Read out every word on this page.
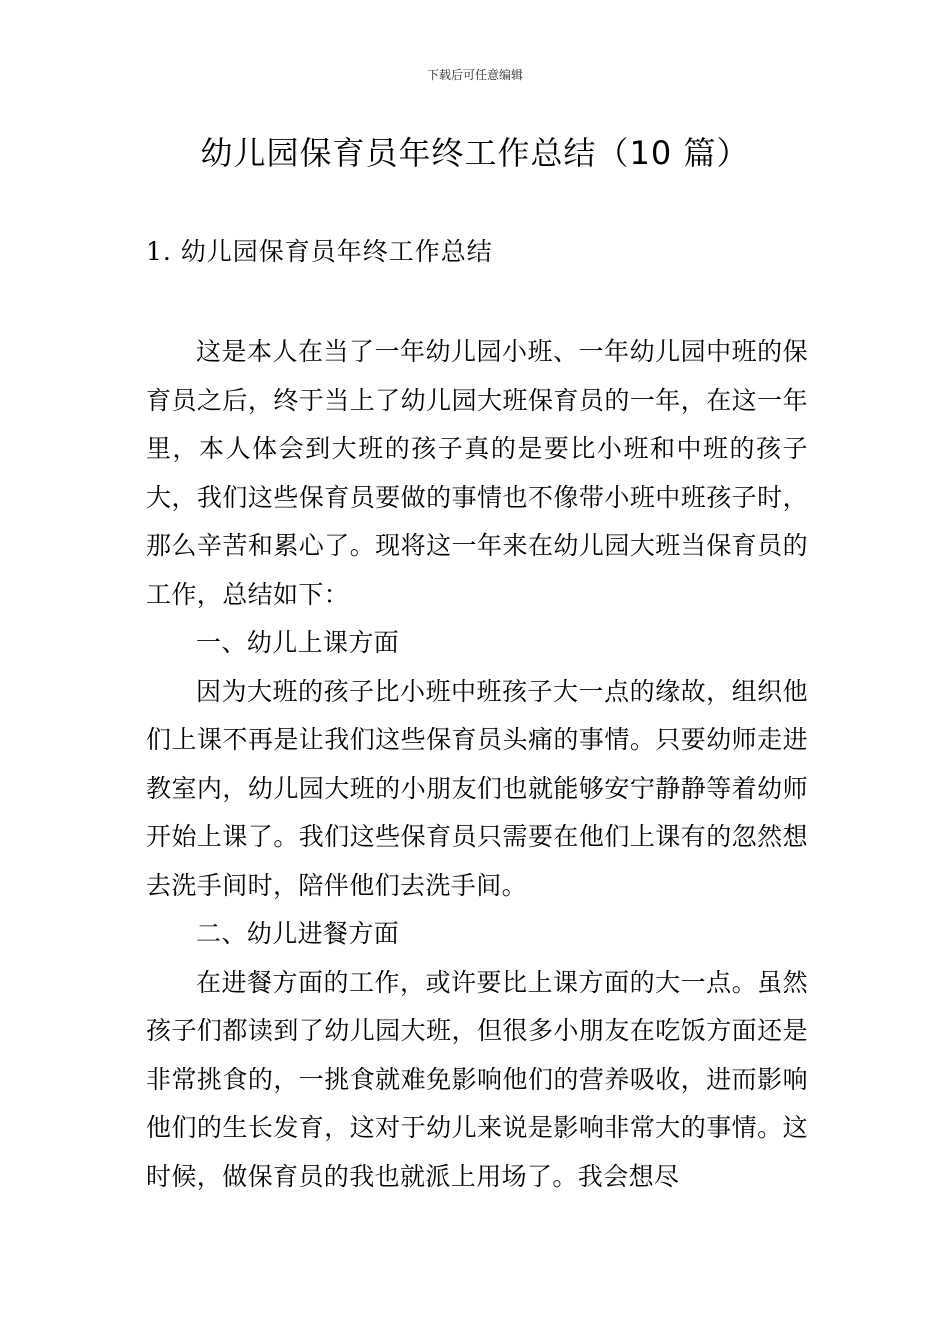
下载后可任意编辑
幼儿园保育员年终工作总结（10 篇）
1. 幼儿园保育员年终工作总结

这是本人在当了一年幼儿园小班、一年幼儿园中班的保育员之后，终于当上了幼儿园大班保育员的一年，在这一年里，本人体会到大班的孩子真的是要比小班和中班的孩子大，我们这些保育员要做的事情也不像带小班中班孩子时，那么辛苦和累心了。现将这一年来在幼儿园大班当保育员的工作，总结如下：

一、幼儿上课方面

因为大班的孩子比小班中班孩子大一点的缘故，组织他们上课不再是让我们这些保育员头痛的事情。只要幼师走进教室内，幼儿园大班的小朋友们也就能够安宁静静等着幼师开始上课了。我们这些保育员只需要在他们上课有的忽然想去洗手间时，陪伴他们去洗手间。

二、幼儿进餐方面

在进餐方面的工作，或许要比上课方面的大一点。虽然孩子们都读到了幼儿园大班，但很多小朋友在吃饭方面还是非常挑食的，一挑食就难免影响他们的营养吸收，进而影响他们的生长发育，这对于幼儿来说是影响非常大的事情。这时候，做保育员的我也就派上用场了。我会想尽
